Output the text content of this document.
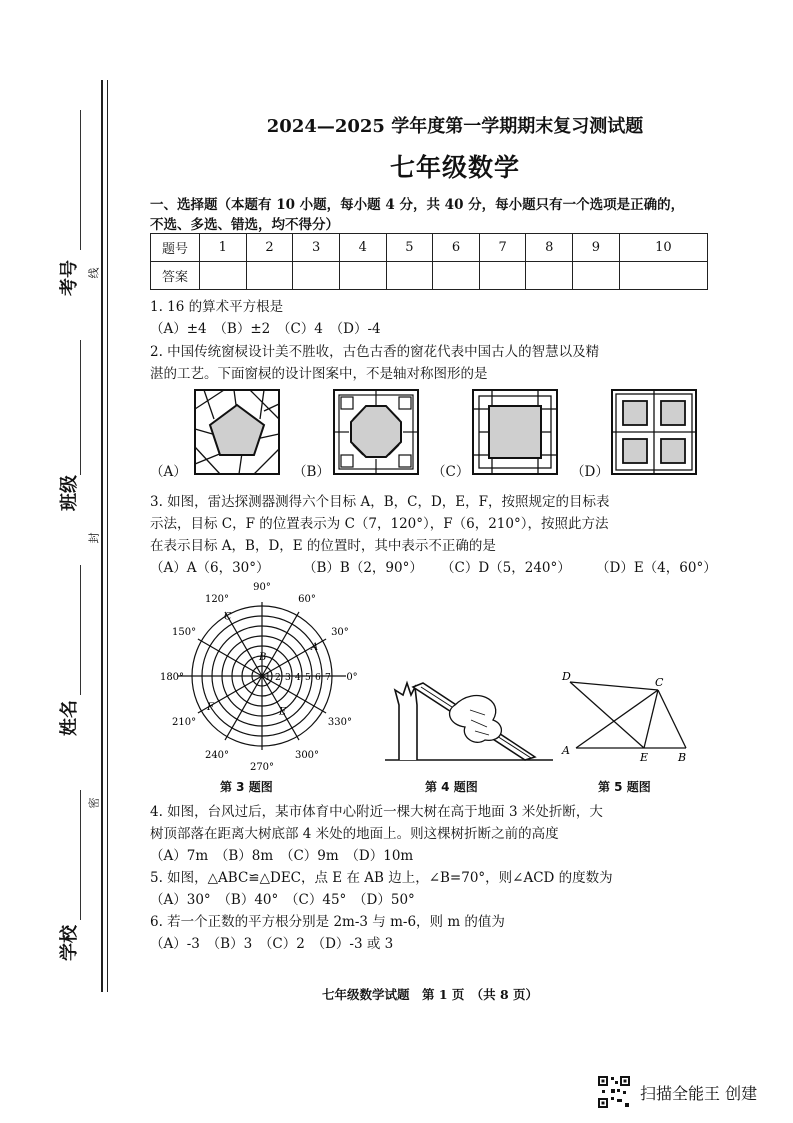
考号 线
班级
封
姓名
密
学校
2024—2025 学年度第一学期期末复习测试题
七年级数学
一、选择题（本题有 10 小题，每小题 4 分，共 40 分，每小题只有一个选项是正确的，
不选、多选、错选，均不得分）
题号	1	2	3	4	5	6	7	8	9	10
答案										
1. 16 的算术平方根是
（A）±4　（B）±2　（C）4　（D）-4
2. 中国传统窗棂设计美不胜收，古色古香的窗花代表中国古人的智慧以及精
湛的工艺。下面窗棂的设计图案中，不是轴对称图形的是
（A）	（B）	（C）	（D）
3. 如图，雷达探测器测得六个目标 A，B，C，D，E，F，按照规定的目标表
示法，目标 C，F 的位置表示为 C（7，120°），F（6，210°），按照此方法
在表示目标 A，B，D，E 的位置时，其中表示不正确的是
（A）A（6，30°） （B）B（2，90°） （C）D（5，240°） （D）E（4，60°）
0°
30°
60°
90°
120°
150°
180°
210°
240°
270°
300°
330°
1 2 3 4 5 6 7
A
B
C
E
F
第 3 题图	第 4 题图
A
B
C
D
E
第 5 题图
4. 如图，台风过后，某市体育中心附近一棵大树在高于地面 3 米处折断，大
树顶部落在距离大树底部 4 米处的地面上。则这棵树折断之前的高度
（A）7m　（B）8m　（C）9m　（D）10m
5. 如图，△ABC≌△DEC，点 E 在 AB 边上，∠B=70°，则∠ACD 的度数为
（A）30°　（B）40°　（C）45°　（D）50°
6. 若一个正数的平方根分别是 2m-3 与 m-6，则 m 的值为
（A）-3　（B）3　（C）2　（D）-3 或 3
七年级数学试题　第 1 页　（共 8 页）
扫描全能王 创建
